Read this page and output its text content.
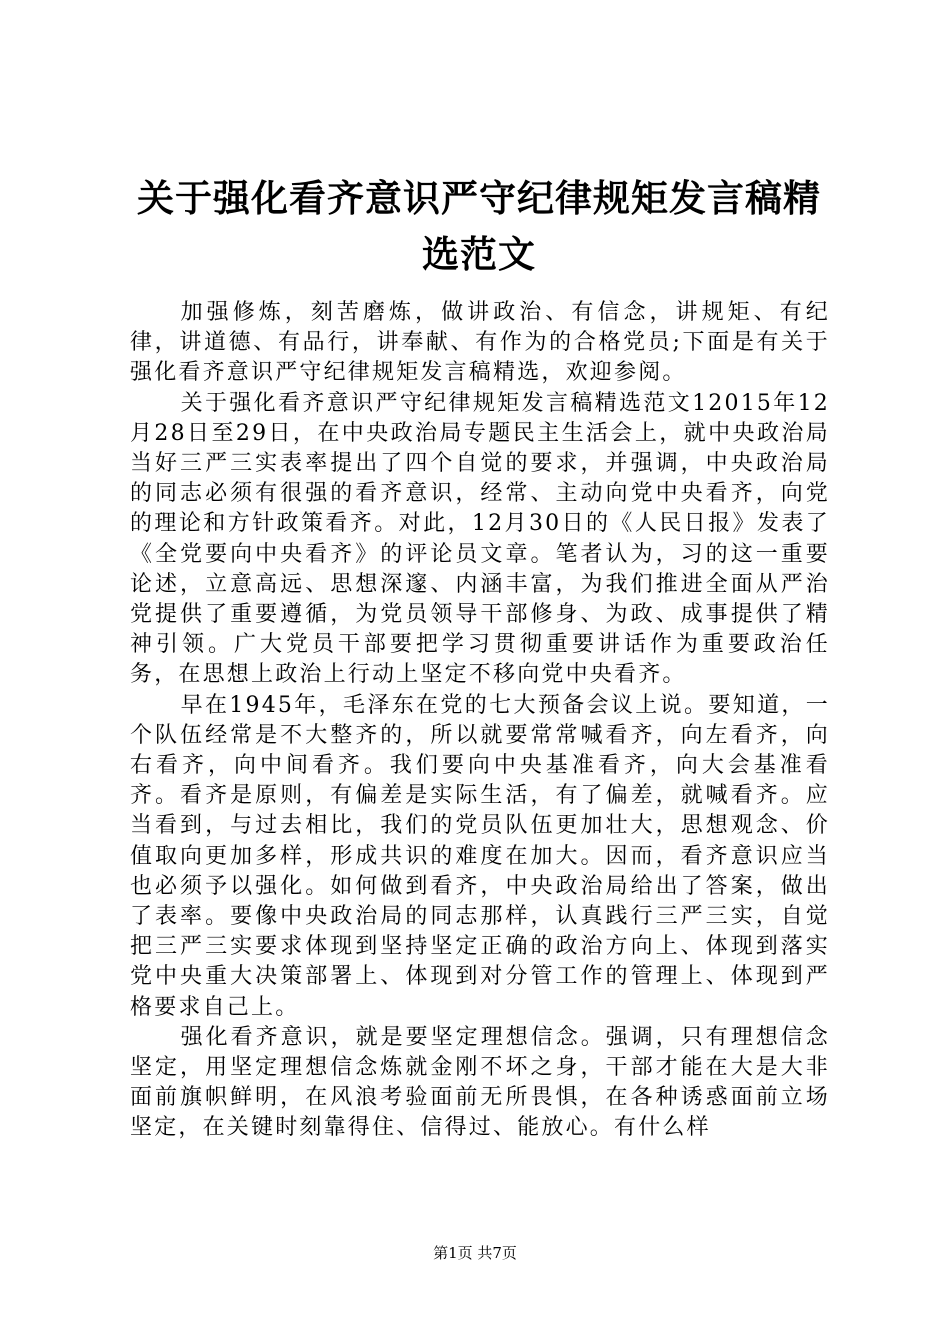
关于强化看齐意识严守纪律规矩发言稿精选范文

加强修炼，刻苦磨炼，做讲政治、有信念，讲规矩、有纪律，讲道德、有品行，讲奉献、有作为的合格党员;下面是有关于强化看齐意识严守纪律规矩发言稿精选，欢迎参阅。

关于强化看齐意识严守纪律规矩发言稿精选范文12015年12月28日至29日，在中央政治局专题民主生活会上，就中央政治局当好三严三实表率提出了四个自觉的要求，并强调，中央政治局的同志必须有很强的看齐意识，经常、主动向党中央看齐，向党的理论和方针政策看齐。对此，12月30日的《人民日报》发表了《全党要向中央看齐》的评论员文章。笔者认为，习的这一重要论述，立意高远、思想深邃、内涵丰富，为我们推进全面从严治党提供了重要遵循，为党员领导干部修身、为政、成事提供了精神引领。广大党员干部要把学习贯彻重要讲话作为重要政治任务，在思想上政治上行动上坚定不移向党中央看齐。

早在1945年，毛泽东在党的七大预备会议上说。要知道，一个队伍经常是不大整齐的，所以就要常常喊看齐，向左看齐，向右看齐，向中间看齐。我们要向中央基准看齐，向大会基准看齐。看齐是原则，有偏差是实际生活，有了偏差，就喊看齐。应当看到，与过去相比，我们的党员队伍更加壮大，思想观念、价值取向更加多样，形成共识的难度在加大。因而，看齐意识应当也必须予以强化。如何做到看齐，中央政治局给出了答案，做出了表率。要像中央政治局的同志那样，认真践行三严三实，自觉把三严三实要求体现到坚持坚定正确的政治方向上、体现到落实党中央重大决策部署上、体现到对分管工作的管理上、体现到严格要求自己上。

强化看齐意识，就是要坚定理想信念。强调，只有理想信念坚定，用坚定理想信念炼就金刚不坏之身，干部才能在大是大非面前旗帜鲜明，在风浪考验面前无所畏惧，在各种诱惑面前立场坚定，在关键时刻靠得住、信得过、能放心。有什么样

第1页 共7页
